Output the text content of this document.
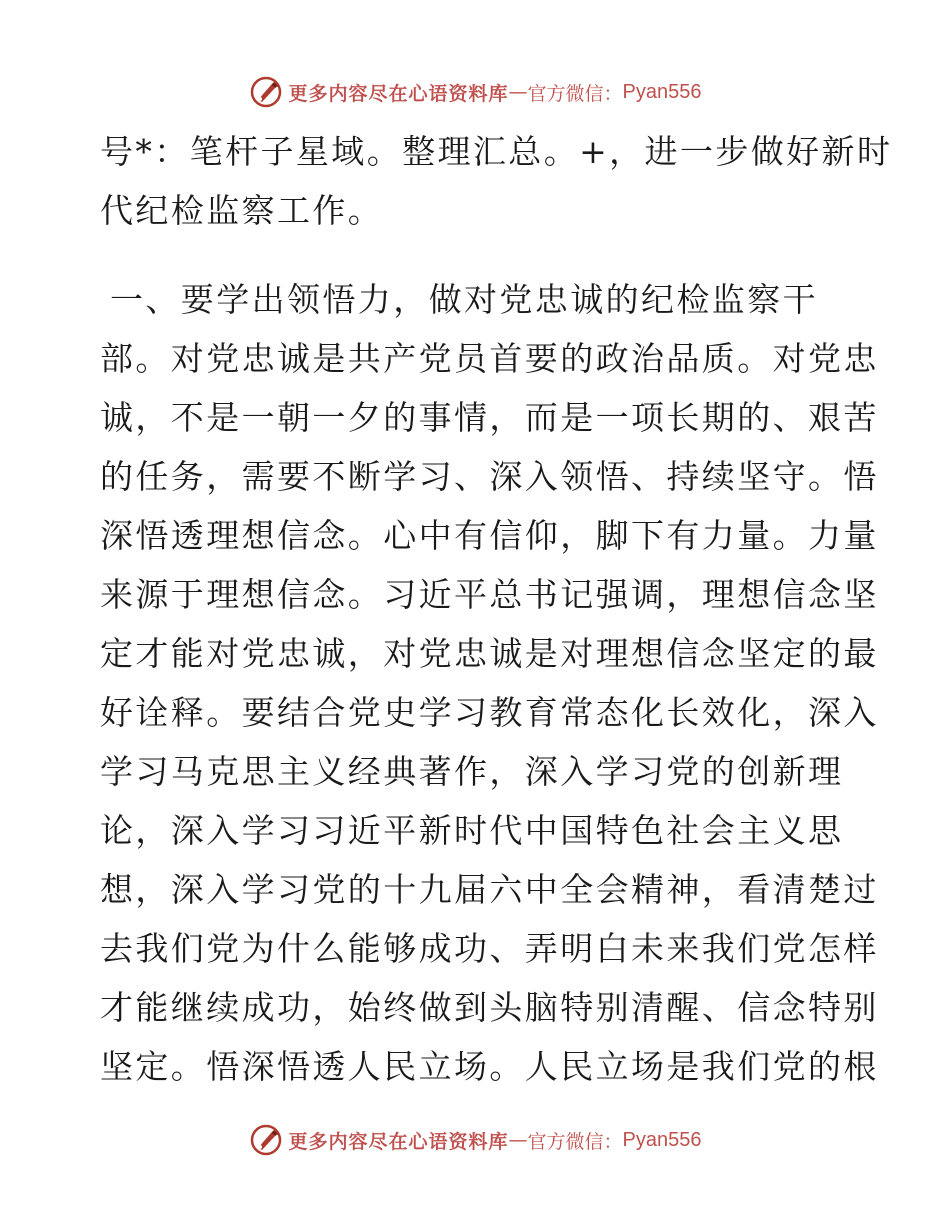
更多内容尽在心语资料库 — 官方微信： Pyan556
号*：笔杆子星域。整理汇总。+，进一步做好新时
代纪检监察工作。
一、要学出领悟力，做对党忠诚的纪检监察干
部。对党忠诚是共产党员首要的政治品质。对党忠
诚，不是一朝一夕的事情，而是一项长期的、艰苦
的任务，需要不断学习、深入领悟、持续坚守。悟
深悟透理想信念。心中有信仰，脚下有力量。力量
来源于理想信念。习近平总书记强调，理想信念坚
定才能对党忠诚，对党忠诚是对理想信念坚定的最
好诠释。要结合党史学习教育常态化长效化，深入
学习马克思主义经典著作，深入学习党的创新理
论，深入学习习近平新时代中国特色社会主义思
想，深入学习党的十九届六中全会精神，看清楚过
去我们党为什么能够成功、弄明白未来我们党怎样
才能继续成功，始终做到头脑特别清醒、信念特别
坚定。悟深悟透人民立场。人民立场是我们党的根
更多内容尽在心语资料库 — 官方微信： Pyan556
